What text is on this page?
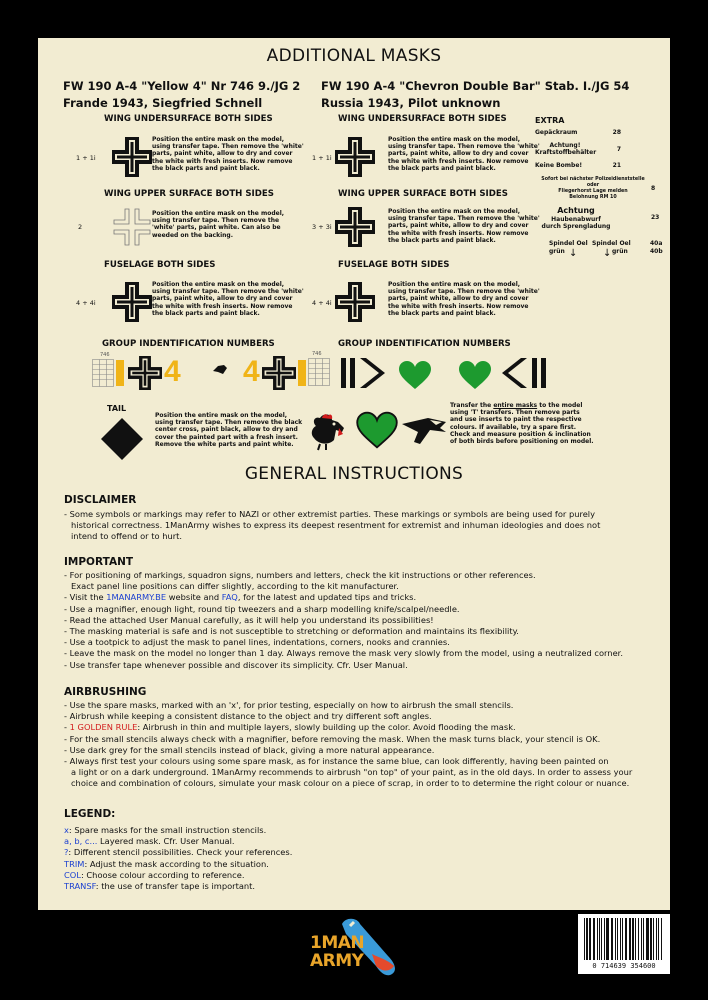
ADDITIONAL MASKS
FW 190 A-4 "Yellow 4" Nr 746 9./JG 2
Frande 1943, Siegfried Schnell
WING UNDERSURFACE BOTH SIDES
1 + 1i
Position the entire mask on the model,
using transfer tape. Then remove the 'white'
parts, paint white, allow to dry and cover
the white with fresh inserts. Now remove
the black parts and paint black.
WING UPPER SURFACE BOTH SIDES
2
Position the entire mask on the model,
using transfer tape. Then remove the
'white' parts, paint white. Can also be
weeded on the backing.
FUSELAGE BOTH SIDES
4 + 4i
Position the entire mask on the model,
using transfer tape. Then remove the 'white'
parts, paint white, allow to dry and cover
the white with fresh inserts. Now remove
the black parts and paint black.
FW 190 A-4 "Chevron Double Bar" Stab. I./JG 54
Russia 1943, Pilot unknown
WING UNDERSURFACE BOTH SIDES
1 + 1i
Position the entire mask on the model,
using transfer tape. Then remove the 'white'
parts, paint white, allow to dry and cover
the white with fresh inserts. Now remove
the black parts and paint black.
WING UPPER SURFACE BOTH SIDES
3 + 3i
Position the entire mask on the model,
using transfer tape. Then remove the 'white'
parts, paint white, allow to dry and cover
the white with fresh inserts. Now remove
the black parts and paint black.
FUSELAGE BOTH SIDES
4 + 4i
Position the entire mask on the model,
using transfer tape. Then remove the 'white'
parts, paint white, allow to dry and cover
the white with fresh inserts. Now remove
the black parts and paint black.
EXTRA
Gepäckraum	28
Achtung! Kraftstoffbehälter	7
Keine Bombe!	21
Sofort bei nächster Polizeidienststelle oder
Fliegerhorst Lage melden
Belohnung RM 10
8
Achtung
Haubenabwurf
durch Sprengladung
23
Spindel Oel
grün ↓
Spindel Oel
grün
↓
40a
40b
GROUP INDENTIFICATION NUMBERS
746 4 4
746
GROUP INDENTIFICATION NUMBERS
TAIL
Position the entire mask on the model,
using transfer tape. Then remove the black
center cross, paint black, allow to dry and
cover the painted part with a fresh insert.
Remove the white parts and paint white.
Transfer the entire masks to the model
using 'T' transfers. Then remove parts
and use inserts to paint the respective
colours. If available, try a spare first.
Check and measure position & inclination
of both birds before positioning on model.
GENERAL INSTRUCTIONS
DISCLAIMER
- Some symbols or markings may refer to NAZI or other extremist parties. These markings or symbols are being used for purely
historical correctness. 1ManArmy wishes to express its deepest resentment for extremist and inhuman ideologies and does not
intend to offend or to hurt.
IMPORTANT
- For positioning of markings, squadron signs, numbers and letters, check the kit instructions or other references.
Exact panel line positions can differ slightly, according to the kit manufacturer.
- Visit the 1MANARMY.BE website and FAQ, for the latest and updated tips and tricks.
- Use a magnifier, enough light, round tip tweezers and a sharp modelling knife/scalpel/needle.
- Read the attached User Manual carefully, as it will help you understand its possibilities!
- The masking material is safe and is not susceptible to stretching or deformation and maintains its flexibility.
- Use a tootpick to adjust the mask to panel lines, indentations, corners, nooks and crannies.
- Leave the mask on the model no longer than 1 day. Always remove the mask very slowly from the model, using a neutralized corner.
- Use transfer tape whenever possible and discover its simplicity. Cfr. User Manual.
AIRBRUSHING
- Use the spare masks, marked with an 'x', for prior testing, especially on how to airbrush the small stencils.
- Airbrush while keeping a consistent distance to the object and try different soft angles.
- 1 GOLDEN RULE: Airbrush in thin and multiple layers, slowly building up the color. Avoid flooding the mask.
- For the small stencils always check with a magnifier, before removing the mask. When the mask turns black, your stencil is OK.
- Use dark grey for the small stencils instead of black, giving a more natural appearance.
- Always first test your colours using some spare mask, as for instance the same blue, can look differently, having been painted on
a light or on a dark underground. 1ManArmy recommends to airbrush "on top" of your paint, as in the old days. In order to assess your
choice and combination of colours, simulate your mask colour on a piece of scrap, in order to to determine the right colour or nuance.
LEGEND:
x: Spare masks for the small instruction stencils.
a, b, c... Layered mask. Cfr. User Manual.
?: Different stencil possibilities. Check your references.
TRIM: Adjust the mask according to the situation.
COL: Choose colour according to reference.
TRANSF: the use of transfer tape is important.
1MAN
ARMY	0 714639 354600
